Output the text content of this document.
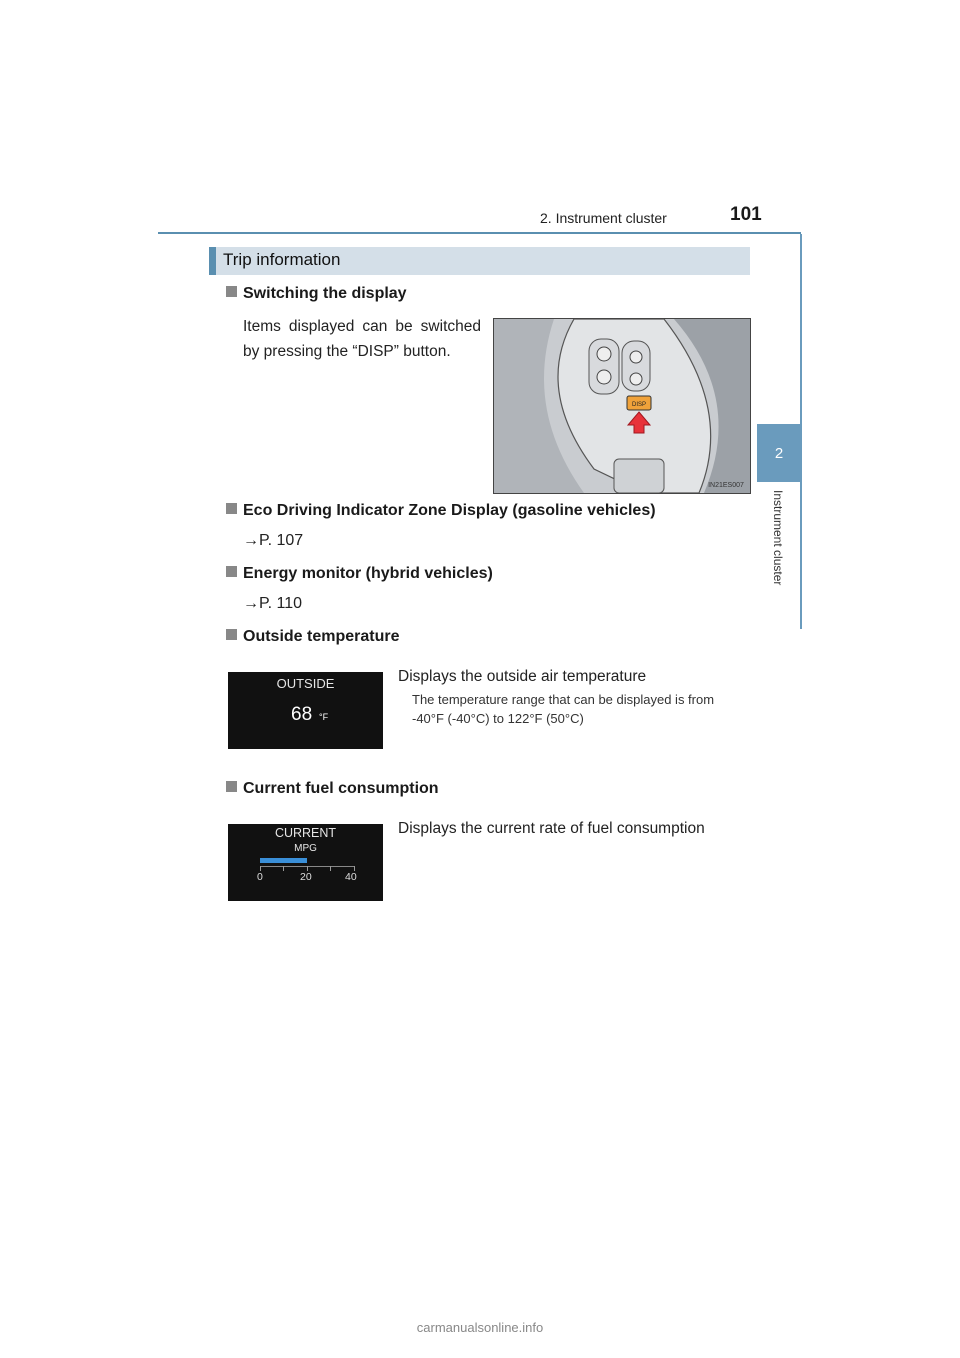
2. Instrument cluster	101
2
Instrument cluster
Trip information
Switching the display
Items displayed can be switched by pressing the “DISP” button.
DISP
IN21ES007
Eco Driving Indicator Zone Display (gasoline vehicles)
→P. 107
Energy monitor (hybrid vehicles)
→P. 110
Outside temperature
OUTSIDE
68 °F
Displays the outside air temperature
The temperature range that can be displayed is from -40°F (-40°C) to 122°F (50°C)
Current fuel consumption
CURRENT
MPG
0	20	40
Displays the current rate of fuel consumption
carmanualsonline.info
